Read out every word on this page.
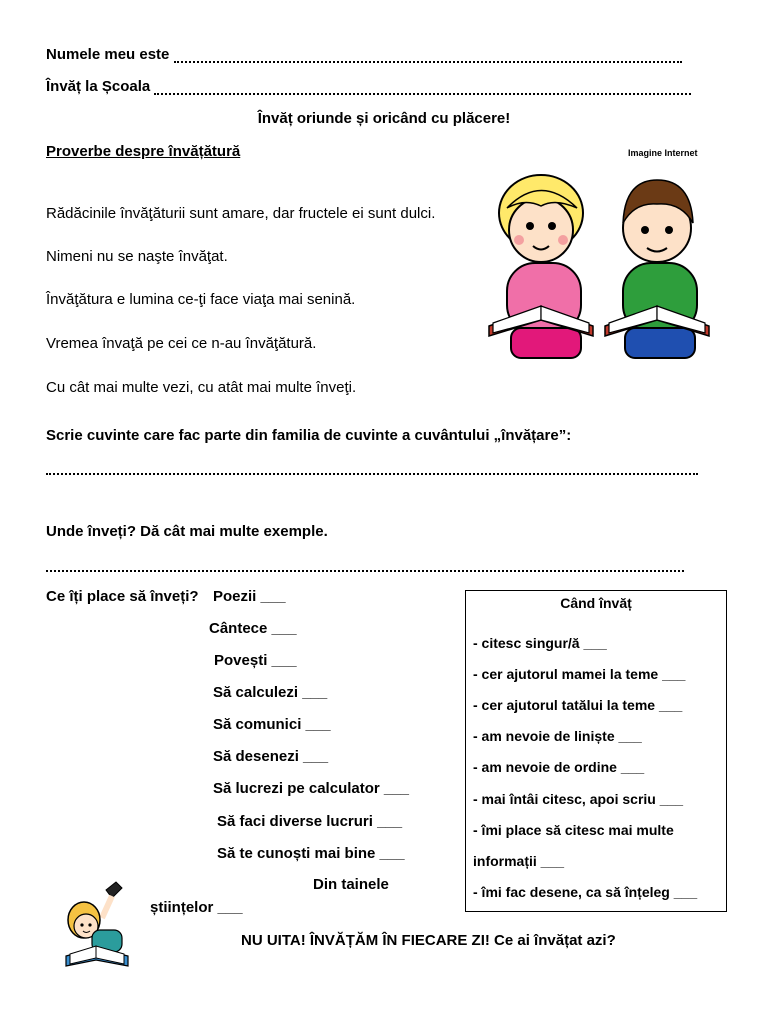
Numele meu este
Învăț la Școala
Învăț oriunde și oricând cu plăcere!
Proverbe despre învățătură	Imagine Internet
Rădăcinile învăţăturii sunt amare, dar fructele ei sunt dulci.
Nimeni nu se naşte învăţat.
Învăţătura e lumina ce-ţi face viaţa mai senină.
Vremea învaţă pe cei ce n-au învăţătură.
Cu cât mai multe vezi, cu atât mai multe înveţi.
Scrie cuvinte care fac parte din familia de cuvinte a cuvântului „învățare”:
Unde înveți? Dă cât mai multe exemple.
Ce îți place să înveți? Poezii ___
Cântece ___
Povești ___
Să calculezi ___
Să comunici ___
Să desenezi ___
Să lucrezi pe calculator ___
Să faci diverse lucruri ___
Să te cunoști mai bine ___
Din tainele
științelor ___
Când învăț
- citesc singur/ă ___
- cer ajutorul mamei la teme ___
- cer ajutorul tatălui la teme ___
- am nevoie de liniște ___
- am nevoie de ordine ___
- mai întâi citesc, apoi scriu ___
- îmi place să citesc mai multe
informații ___
- îmi fac desene, ca să înțeleg ___
NU UITA! ÎNVĂȚĂM ÎN FIECARE ZI! Ce ai învățat azi?
